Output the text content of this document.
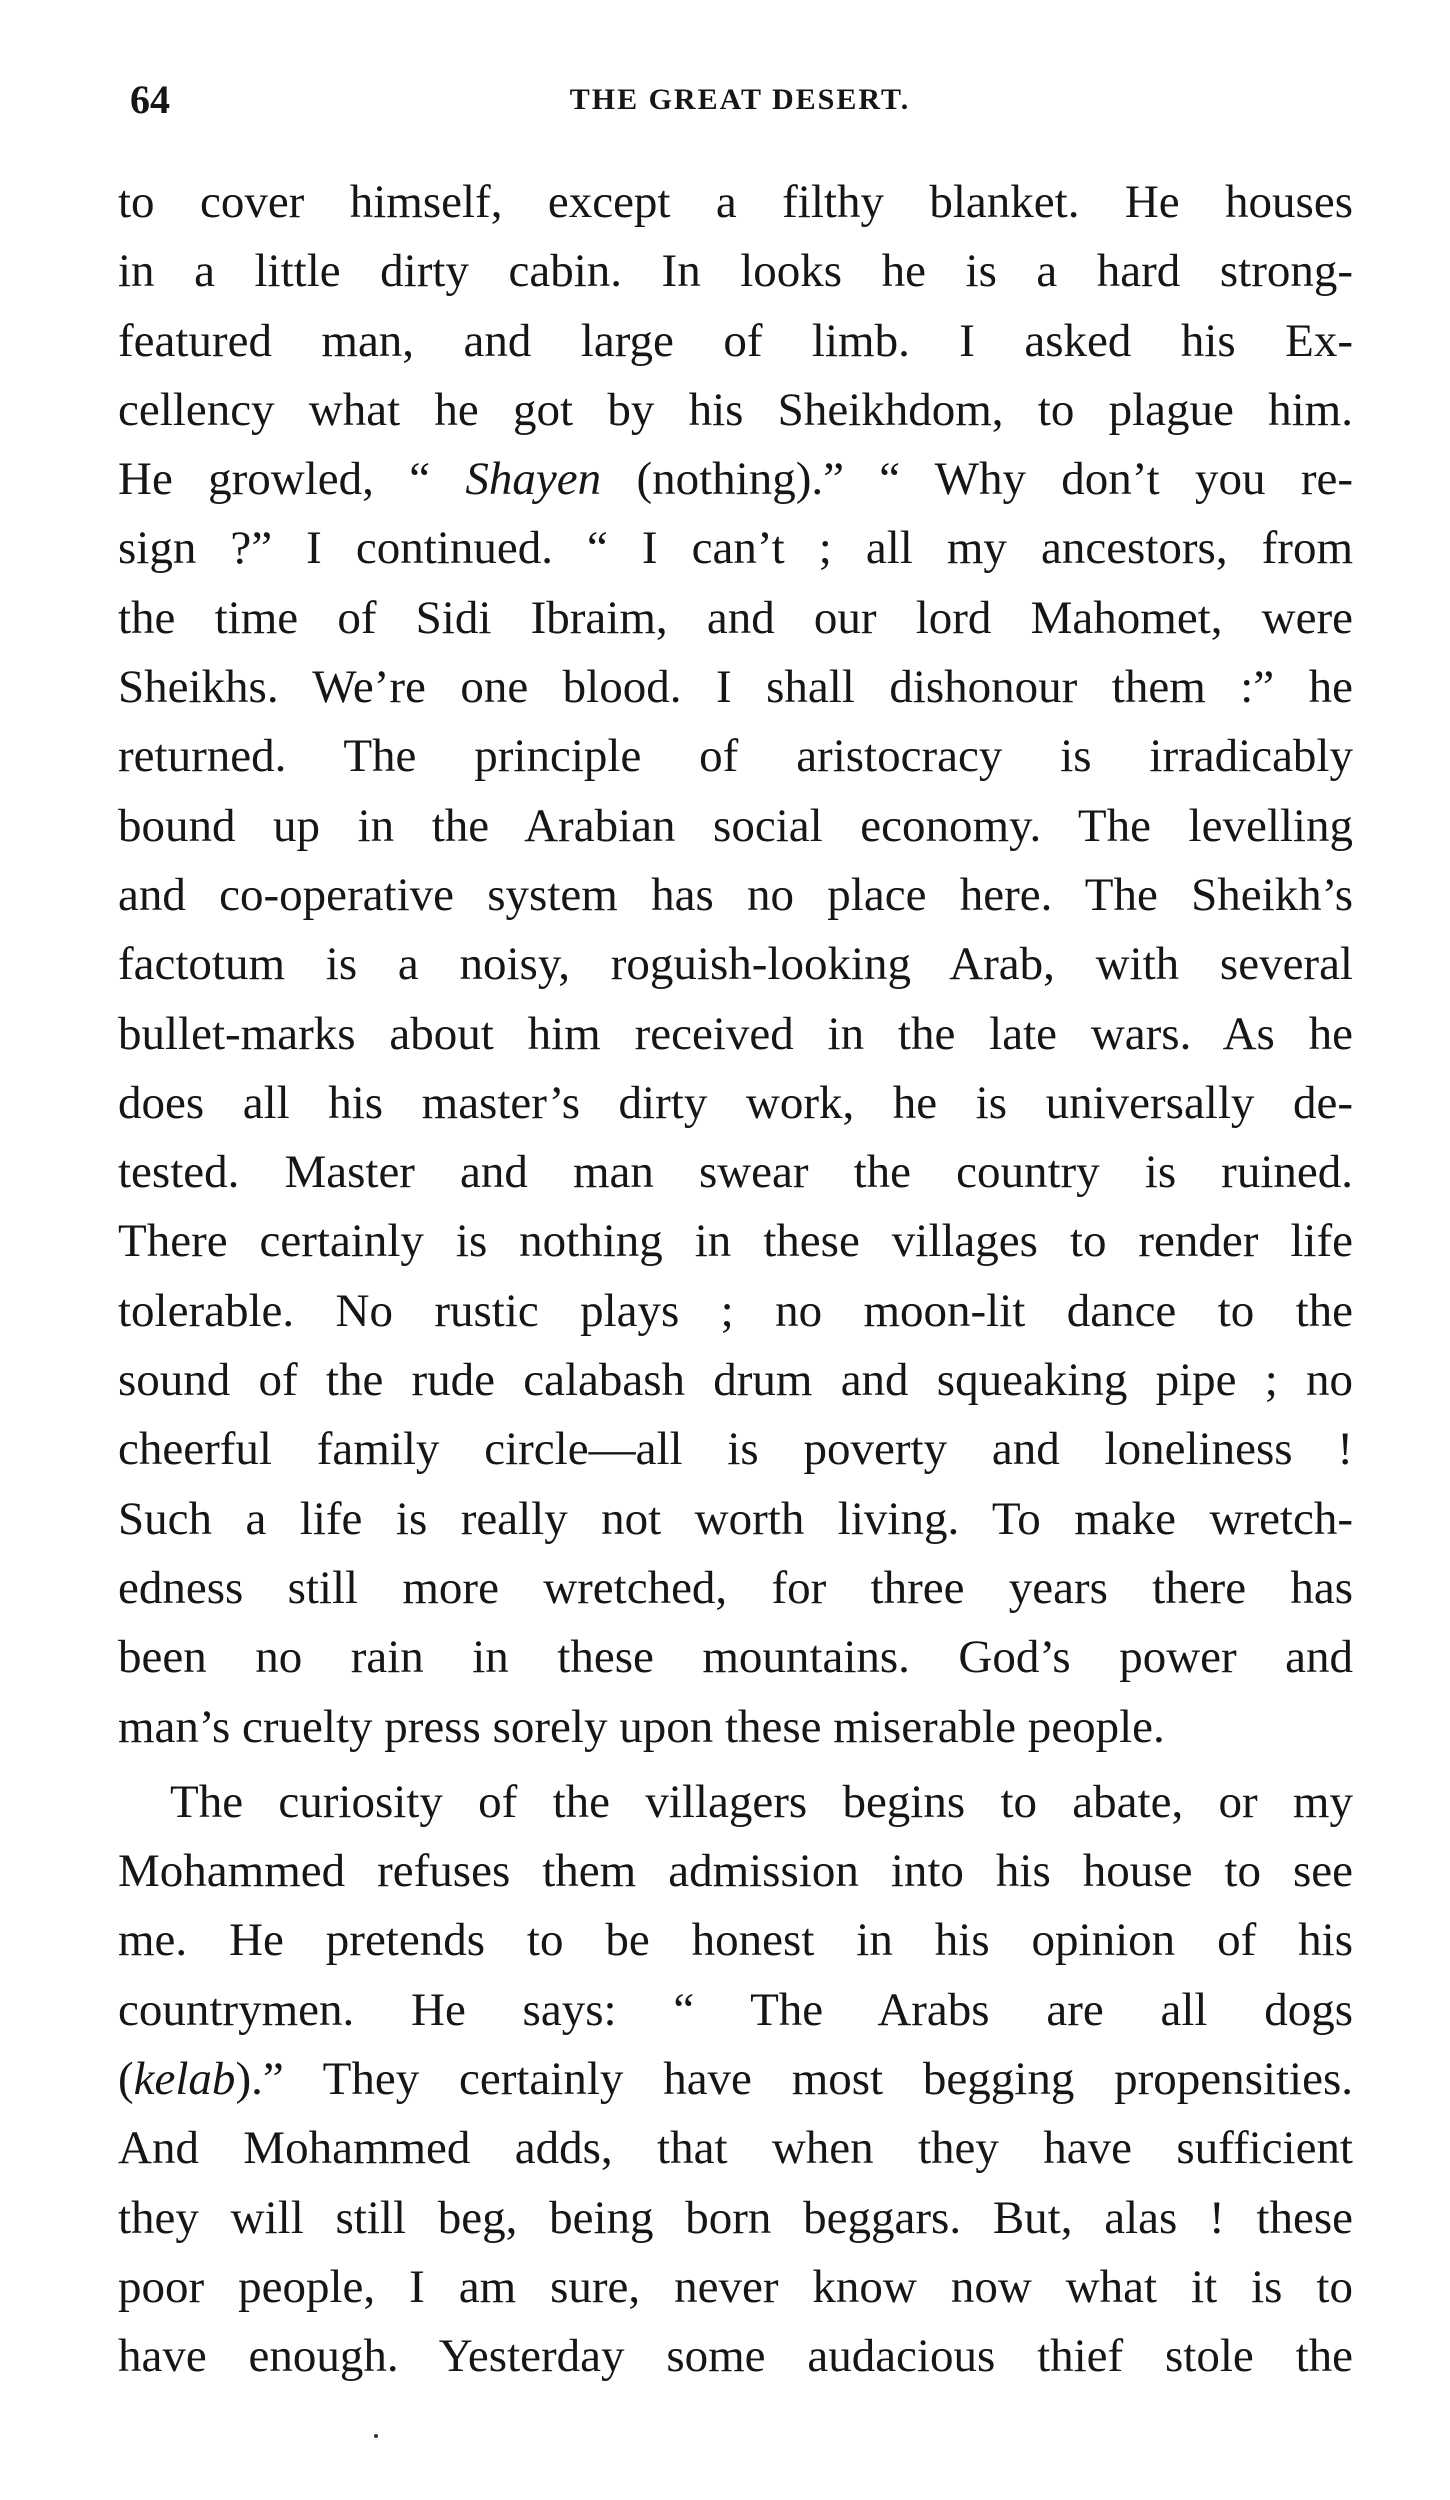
64	THE GREAT DESERT.
to cover himself, except a filthy blanket. He houses
in a little dirty cabin. In looks he is a hard strong-
featured man, and large of limb. I asked his Ex-
cellency what he got by his Sheikhdom, to plague him.
He growled, “ Shayen (nothing).” “ Why don’t you re-
sign ?” I continued. “ I can’t ; all my ancestors, from
the time of Sidi Ibraim, and our lord Mahomet, were
Sheikhs. We’re one blood. I shall dishonour them :” he
returned. The principle of aristocracy is irradicably
bound up in the Arabian social economy. The levelling
and co-operative system has no place here. The Sheikh’s
factotum is a noisy, roguish-looking Arab, with several
bullet-marks about him received in the late wars. As he
does all his master’s dirty work, he is universally de-
tested. Master and man swear the country is ruined.
There certainly is nothing in these villages to render life
tolerable. No rustic plays ; no moon-lit dance to the
sound of the rude calabash drum and squeaking pipe ; no
cheerful family circle—all is poverty and loneliness !
Such a life is really not worth living. To make wretch-
edness still more wretched, for three years there has
been no rain in these mountains. God’s power and
man’s cruelty press sorely upon these miserable people.
The curiosity of the villagers begins to abate, or my
Mohammed refuses them admission into his house to see
me. He pretends to be honest in his opinion of his
countrymen. He says: “ The Arabs are all dogs
(kelab).” They certainly have most begging propensities.
And Mohammed adds, that when they have sufficient
they will still beg, being born beggars. But, alas ! these
poor people, I am sure, never know now what it is to
have enough. Yesterday some audacious thief stole the
